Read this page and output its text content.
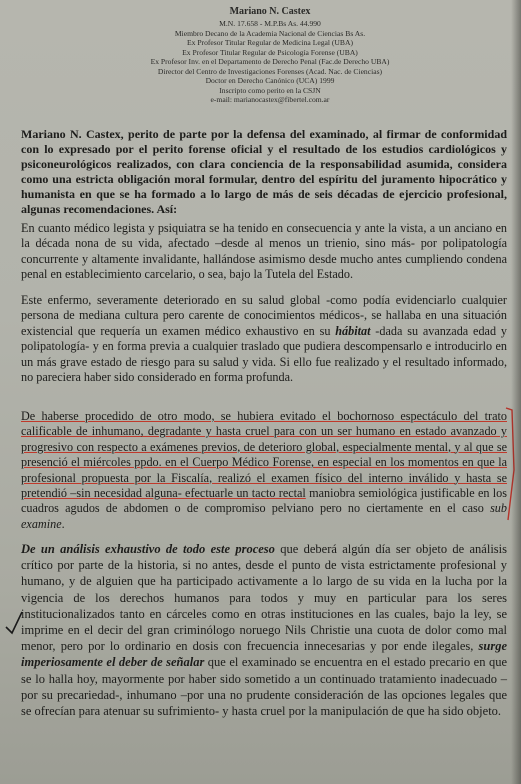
Mariano N. Castex
M.N. 17.658 - M.P.Bs As. 44.990
Miembro Decano de la Academia Nacional de Ciencias Bs As.
Ex Profesor Titular Regular de Medicina Legal (UBA)
Ex Profesor Titular Regular de Psicología Forense (UBA)
Ex Profesor Inv. en el Departamento de Derecho Penal (Fac.de Derecho UBA)
Director del Centro de Investigaciones Forenses (Acad. Nac. de Ciencias)
Doctor en Derecho Canónico (UCA) 1999
Inscripto como perito en la CSJN
e-mail: marianocastex@fibertel.com.ar

Mariano N. Castex, perito de parte por la defensa del examinado, al firmar de conformidad con lo expresado por el perito forense oficial y el resultado de los estudios cardiológicos y psiconeurológicos realizados, con clara conciencia de la responsabilidad asumida, considera como una estricta obligación moral formular, dentro del espíritu del juramento hipocrático y humanista en que se ha formado a lo largo de más de seis décadas de ejercicio profesional, algunas recomendaciones. Así:

En cuanto médico legista y psiquiatra se ha tenido en consecuencia y ante la vista, a un anciano en la década nona de su vida, afectado –desde al menos un trienio, sino más- por polipatología concurrente y altamente invalidante, hallándose asimismo desde mucho antes cumpliendo condena penal en establecimiento carcelario, o sea, bajo la Tutela del Estado.

Este enfermo, severamente deteriorado en su salud global -como podía evidenciarlo cualquier persona de mediana cultura pero carente de conocimientos médicos-, se hallaba en una situación existencial que requería un examen médico exhaustivo en su hábitat -dada su avanzada edad y polipatología- y en forma previa a cualquier traslado que pudiera descompensarlo e introducirlo en un más grave estado de riesgo para su salud y vida. Si ello fue realizado y el resultado informado, no pareciera haber sido considerado en forma profunda.

De haberse procedido de otro modo, se hubiera evitado el bochornoso espectáculo del trato calificable de inhumano, degradante y hasta cruel para con un ser humano en estado avanzado y progresivo con respecto a exámenes previos, de deterioro global, especialmente mental, y al que se presenció el miércoles ppdo. en el Cuerpo Médico Forense, en especial en los momentos en que la profesional propuesta por la Fiscalía, realizó el examen físico del interno inválido y hasta se pretendió –sin necesidad alguna- efectuarle un tacto rectal maniobra semiológica justificable en los cuadros agudos de abdomen o de compromiso pelviano pero no ciertamente en el caso sub examine.

De un análisis exhaustivo de todo este proceso que deberá algún día ser objeto de análisis crítico por parte de la historia, si no antes, desde el punto de vista estrictamente profesional y humano, y de alguien que ha participado activamente a lo largo de su vida en la lucha por la vigencia de los derechos humanos para todos y muy en particular para los seres institucionalizados tanto en cárceles como en otras instituciones en las cuales, bajo la ley, se imprime en el decir del gran criminólogo noruego Nils Christie una cuota de dolor como mal menor, pero por lo ordinario en dosis con frecuencia innecesarias y por ende ilegales, surge imperiosamente el deber de señalar que el examinado se encuentra en el estado precario en que se lo halla hoy, mayormente por haber sido sometido a un continuado tratamiento inadecuado –por su precariedad-, inhumano –por una no prudente consideración de las opciones legales que se ofrecían para atenuar su sufrimiento- y hasta cruel por la manipulación de que ha sido objeto.
